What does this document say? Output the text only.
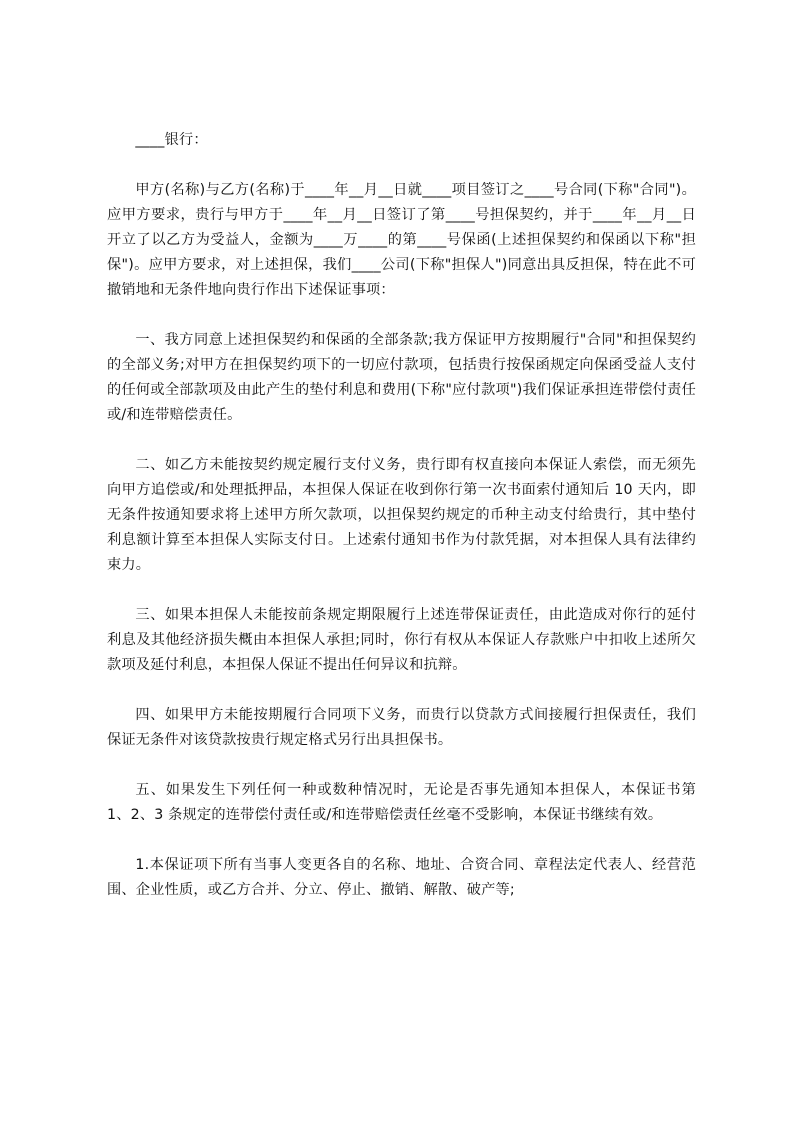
____银行：

甲方(名称)与乙方(名称)于____年__月__日就____项目签订之____号合同(下称"合同")。应甲方要求，贵行与甲方于____年__月__日签订了第____号担保契约，并于____年__月__日开立了以乙方为受益人，金额为____万____的第____号保函(上述担保契约和保函以下称"担保")。应甲方要求，对上述担保，我们____公司(下称"担保人")同意出具反担保，特在此不可撤销地和无条件地向贵行作出下述保证事项：

一、我方同意上述担保契约和保函的全部条款;我方保证甲方按期履行"合同"和担保契约的全部义务;对甲方在担保契约项下的一切应付款项，包括贵行按保函规定向保函受益人支付的任何或全部款项及由此产生的垫付利息和费用(下称"应付款项")我们保证承担连带偿付责任或/和连带赔偿责任。

二、如乙方未能按契约规定履行支付义务，贵行即有权直接向本保证人索偿，而无须先向甲方追偿或/和处理抵押品，本担保人保证在收到你行第一次书面索付通知后 10 天内，即无条件按通知要求将上述甲方所欠款项，以担保契约规定的币种主动支付给贵行，其中垫付利息额计算至本担保人实际支付日。上述索付通知书作为付款凭据，对本担保人具有法律约束力。

三、如果本担保人未能按前条规定期限履行上述连带保证责任，由此造成对你行的延付利息及其他经济损失概由本担保人承担;同时，你行有权从本保证人存款账户中扣收上述所欠款项及延付利息，本担保人保证不提出任何异议和抗辩。

四、如果甲方未能按期履行合同项下义务，而贵行以贷款方式间接履行担保责任，我们保证无条件对该贷款按贵行规定格式另行出具担保书。

五、如果发生下列任何一种或数种情况时，无论是否事先通知本担保人，本保证书第 1、2、3 条规定的连带偿付责任或/和连带赔偿责任丝毫不受影响，本保证书继续有效。

1.本保证项下所有当事人变更各自的名称、地址、合资合同、章程法定代表人、经营范围、企业性质，或乙方合并、分立、停止、撤销、解散、破产等;
